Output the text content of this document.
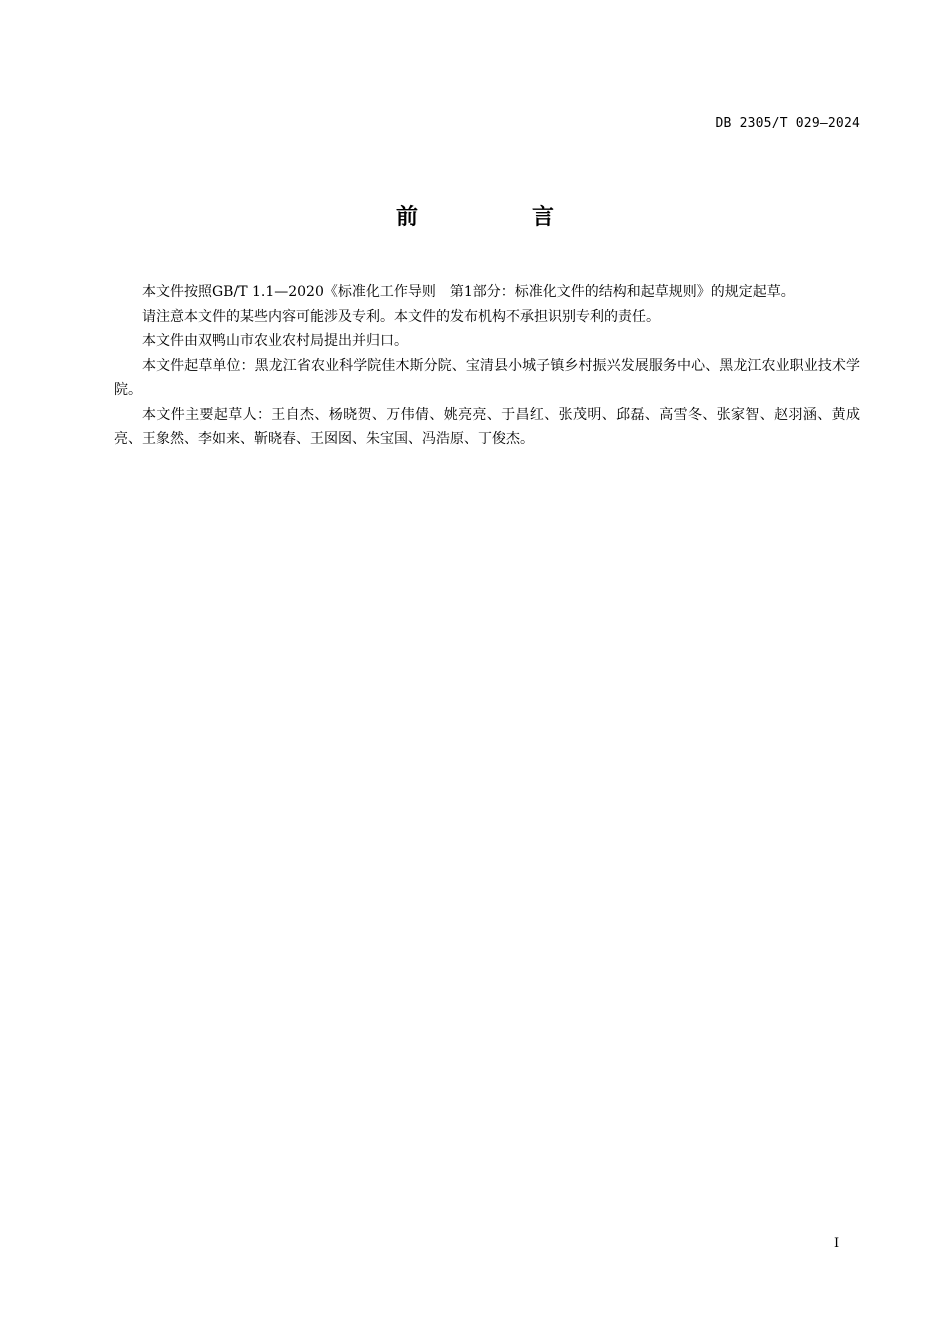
DB 2305/T 029—2024
前　言

本文件按照GB/T 1.1—2020《标准化工作导则　第1部分：标准化文件的结构和起草规则》的规定起草。

请注意本文件的某些内容可能涉及专利。本文件的发布机构不承担识别专利的责任。

本文件由双鸭山市农业农村局提出并归口。

本文件起草单位：黑龙江省农业科学院佳木斯分院、宝清县小城子镇乡村振兴发展服务中心、黑龙江农业职业技术学院。

本文件主要起草人：王自杰、杨晓贺、万伟倩、姚亮亮、于昌红、张茂明、邱磊、高雪冬、张家智、赵羽涵、黄成亮、王象然、李如来、靳晓春、王囡囡、朱宝国、冯浩原、丁俊杰。

I
